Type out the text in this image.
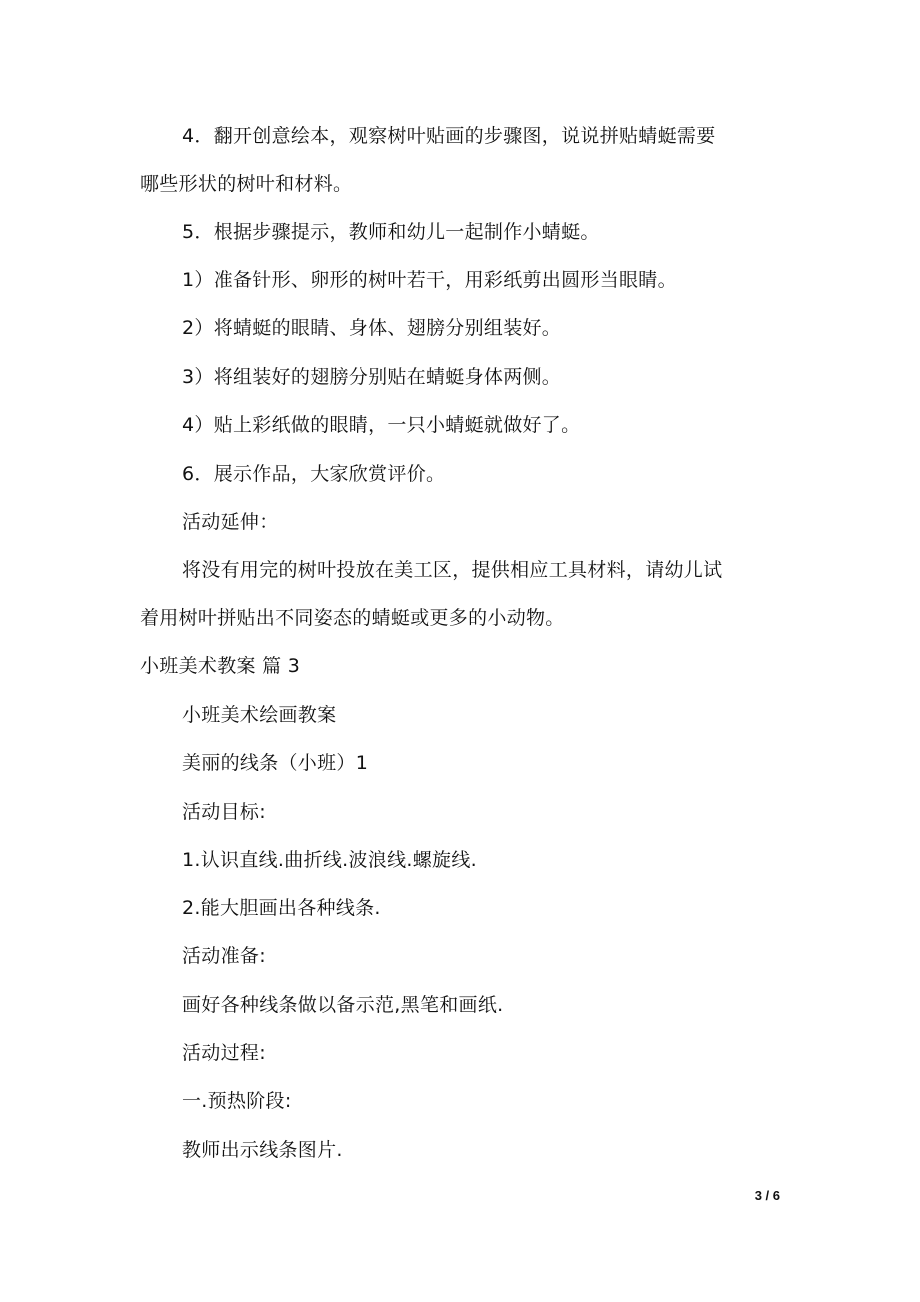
4．翻开创意绘本，观察树叶贴画的步骤图，说说拼贴蜻蜓需要
哪些形状的树叶和材料。
5．根据步骤提示，教师和幼儿一起制作小蜻蜓。
1）准备针形、卵形的树叶若干，用彩纸剪出圆形当眼睛。
2）将蜻蜓的眼睛、身体、翅膀分别组装好。
3）将组装好的翅膀分别贴在蜻蜓身体两侧。
4）贴上彩纸做的眼睛，一只小蜻蜓就做好了。
6．展示作品，大家欣赏评价。
活动延伸：
将没有用完的树叶投放在美工区，提供相应工具材料，请幼儿试
着用树叶拼贴出不同姿态的蜻蜓或更多的小动物。
小班美术教案 篇 3
小班美术绘画教案
美丽的线条（小班）1
活动目标:
1.认识直线.曲折线.波浪线.螺旋线.
2.能大胆画出各种线条.
活动准备:
画好各种线条做以备示范,黑笔和画纸.
活动过程:
一.预热阶段:
教师出示线条图片.
3 / 6
